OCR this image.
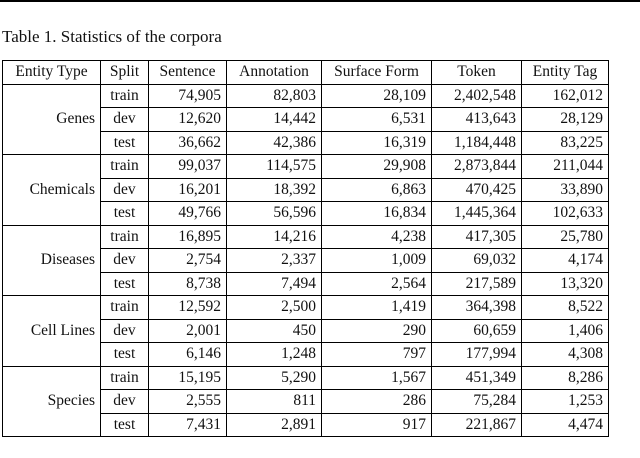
Table 1. Statistics of the corpora
Entity Type	Split	Sentence	Annotation	Surface Form	Token	Entity Tag
Genes	train	74,905	82,803	28,109	2,402,548	162,012
	dev	12,620	14,442	6,531	413,643	28,129
	test	36,662	42,386	16,319	1,184,448	83,225
Chemicals	train	99,037	114,575	29,908	2,873,844	211,044
	dev	16,201	18,392	6,863	470,425	33,890
	test	49,766	56,596	16,834	1,445,364	102,633
Diseases	train	16,895	14,216	4,238	417,305	25,780
	dev	2,754	2,337	1,009	69,032	4,174
	test	8,738	7,494	2,564	217,589	13,320
Cell Lines	train	12,592	2,500	1,419	364,398	8,522
	dev	2,001	450	290	60,659	1,406
	test	6,146	1,248	797	177,994	4,308
Species	train	15,195	5,290	1,567	451,349	8,286
	dev	2,555	811	286	75,284	1,253
	test	7,431	2,891	917	221,867	4,474
